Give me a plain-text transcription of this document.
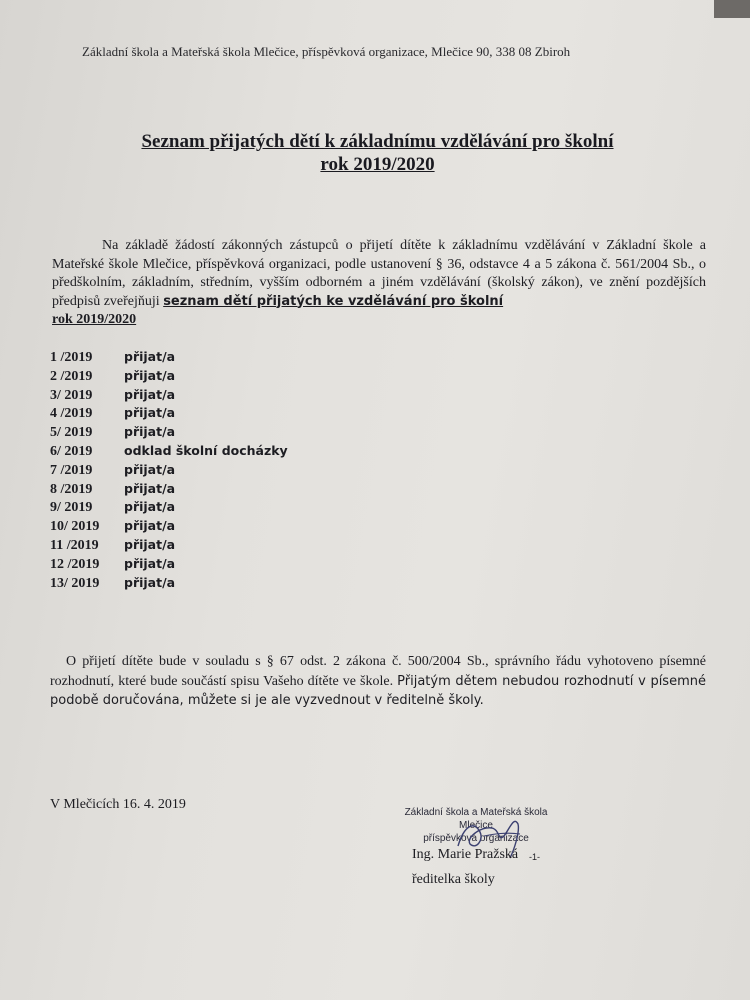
Základní škola a Mateřská škola Mlečice, příspěvková organizace, Mlečice 90, 338 08 Zbiroh
Seznam přijatých dětí k základnímu vzdělávání pro školní
rok 2019/2020
Na základě žádostí zákonných zástupců o přijetí dítěte k základnímu vzdělávání v Základní škole a Mateřské škole Mlečice, příspěvková organizaci, podle ustanovení § 36, odstavce 4 a 5 zákona č. 561/2004 Sb., o předškolním, základním, středním, vyšším odborném a jiném vzdělávání (školský zákon), ve znění pozdějších předpisů zveřejňuji seznam dětí přijatých ke vzdělávání pro školní
rok 2019/2020
1 /2019	přijat/a
2 /2019	přijat/a
3/ 2019	přijat/a
4 /2019	přijat/a
5/ 2019	přijat/a
6/ 2019	odklad školní docházky
7 /2019	přijat/a
8 /2019	přijat/a
9/ 2019	přijat/a
10/ 2019 přijat/a
11 /2019 přijat/a
12 /2019 přijat/a
13/ 2019 přijat/a
O přijetí dítěte bude v souladu s § 67 odst. 2 zákona č. 500/2004 Sb., správního řádu vyhotoveno písemné rozhodnutí, které bude součástí spisu Vašeho dítěte ve škole. Přijatým dětem nebudou rozhodnutí v písemné podobě doručována, můžete si je ale vyzvednout v ředitelně školy.
V Mlečicích 16. 4. 2019
Základní škola a Mateřská škola
Mlečice
příspěvková organizace
Ing. Marie Pražská -1-
ředitelka školy
